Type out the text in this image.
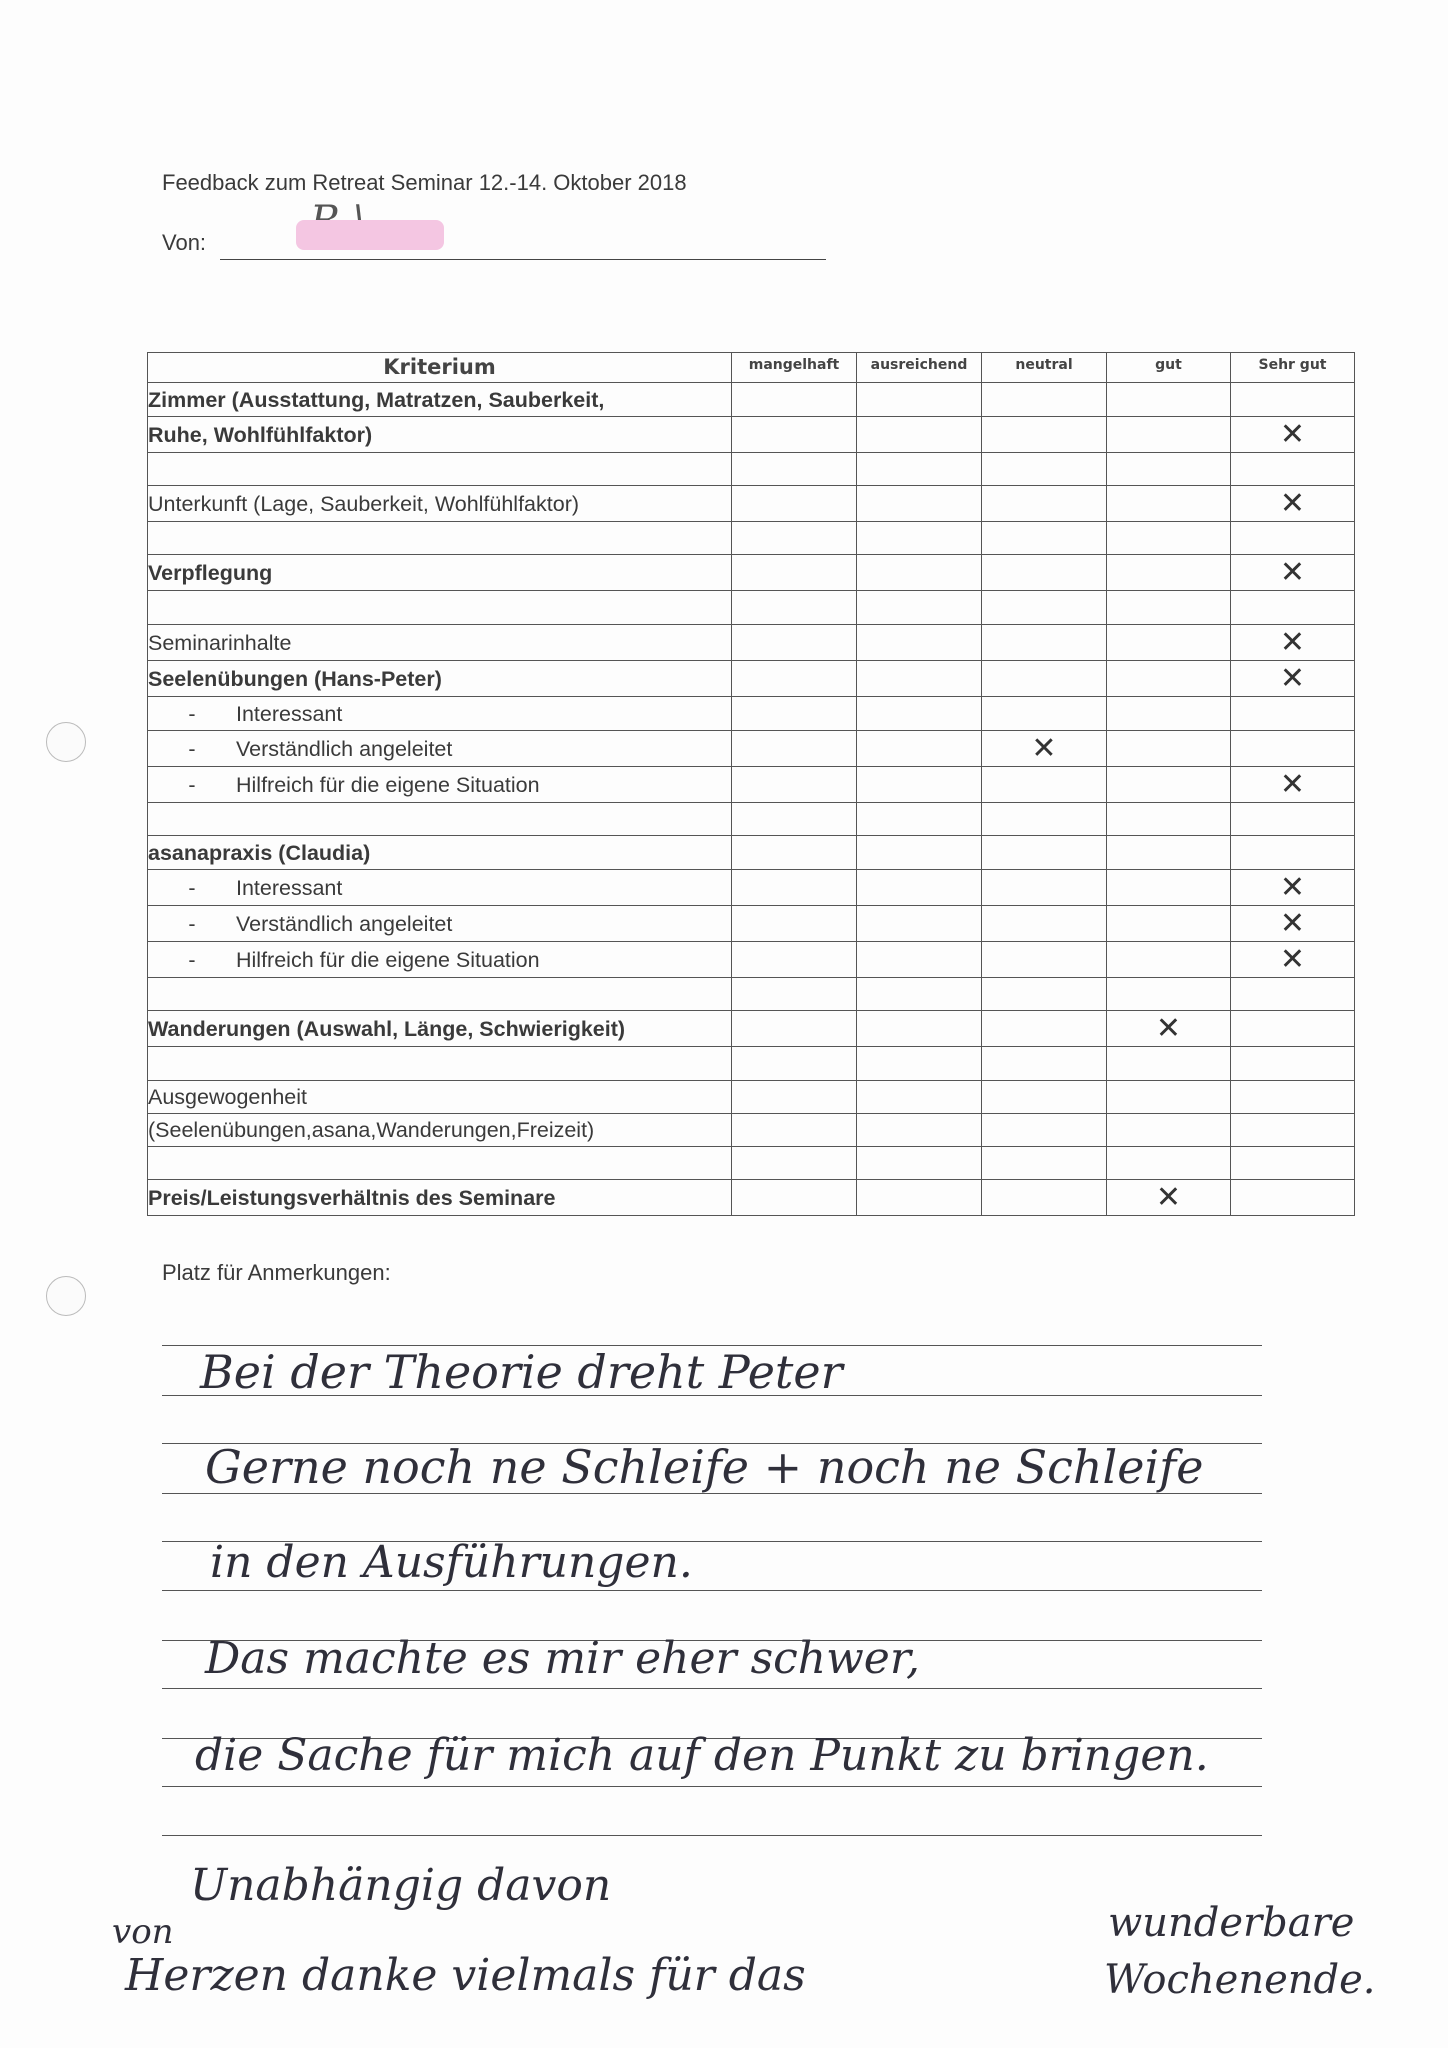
Feedback zum Retreat Seminar 12.-14. Oktober 2018
Von:
Kriterium	mangelhaft	ausreichend	neutral	gut	Sehr gut
Zimmer (Ausstattung, Matratzen, Sauberkeit,					
Ruhe, Wohlfühlfaktor)					✕

Unterkunft (Lage, Sauberkeit, Wohlfühlfaktor)					✕

Verpflegung					✕

Seminarinhalte					✕
Seelenübungen (Hans-Peter)					✕
- Interessant					
- Verständlich angeleitet			✕		
- Hilfreich für die eigene Situation					✕

asanapraxis (Claudia)					
- Interessant					✕
- Verständlich angeleitet					✕
- Hilfreich für die eigene Situation					✕

Wanderungen (Auswahl, Länge, Schwierigkeit)				✕	

Ausgewogenheit					
(Seelenübungen,asana,Wanderungen,Freizeit)					

Preis/Leistungsverhältnis des Seminare				✕	
Platz für Anmerkungen:
Bei der Theorie dreht Peter
Gerne noch ne Schleife + noch ne Schleife
in den Ausführungen.
Das machte es mir eher schwer,
die Sache für mich auf den Punkt zu bringen.
Unabhängig davon
von
Herzen danke vielmals für das
wunderbare
Wochenende.
